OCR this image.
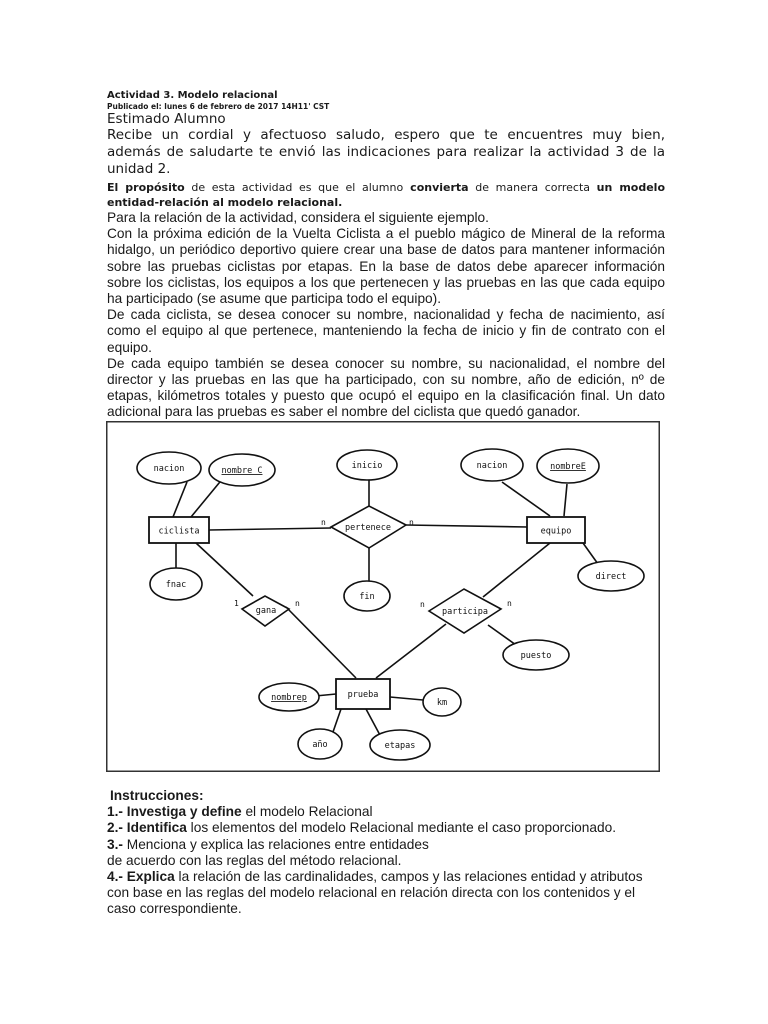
Actividad 3. Modelo relacional
Publicado el: lunes 6 de febrero de 2017 14H11' CST
Estimado Alumno
Recibe un cordial y afectuoso saludo, espero que te encuentres muy bien, además de saludarte te envió las indicaciones para realizar la actividad 3 de la unidad 2.
El propósito de esta actividad es que el alumno convierta de manera correcta un modelo entidad-relación al modelo relacional.
Para la relación de la actividad, considera el siguiente ejemplo.
Con la próxima edición de la Vuelta Ciclista a el pueblo mágico de Mineral de la reforma hidalgo, un periódico deportivo quiere crear una base de datos para mantener información sobre las pruebas ciclistas por etapas. En la base de datos debe aparecer información sobre los ciclistas, los equipos a los que pertenecen y las pruebas en las que cada equipo ha participado (se asume que participa todo el equipo).
De cada ciclista, se desea conocer su nombre, nacionalidad y fecha de nacimiento, así como el equipo al que pertenece, manteniendo la fecha de inicio y fin de contrato con el equipo.
De cada equipo también se desea conocer su nombre, su nacionalidad, el nombre del director y las pruebas en las que ha participado, con su nombre, año de edición, nº de etapas, kilómetros totales y puesto que ocupó el equipo en la clasificación final. Un dato adicional para las pruebas es saber el nombre del ciclista que quedó ganador.
ciclista	equipo
prueba
pertenece
gana	participa
nacion	nombre C
fnac
inicio
fin
nacion	nombreE
direct
puesto
nombrep	km
año	etapas
n	n
1	n	n	n
Instrucciones:
1.- Investiga y define el modelo Relacional
2.- Identifica los elementos del modelo Relacional mediante el caso proporcionado.
3.- Menciona y explica las relaciones entre entidades
de acuerdo con las reglas del método relacional.
4.- Explica la relación de las cardinalidades, campos y las relaciones entidad y atributos con base en las reglas del modelo relacional en relación directa con los contenidos y el caso correspondiente.
